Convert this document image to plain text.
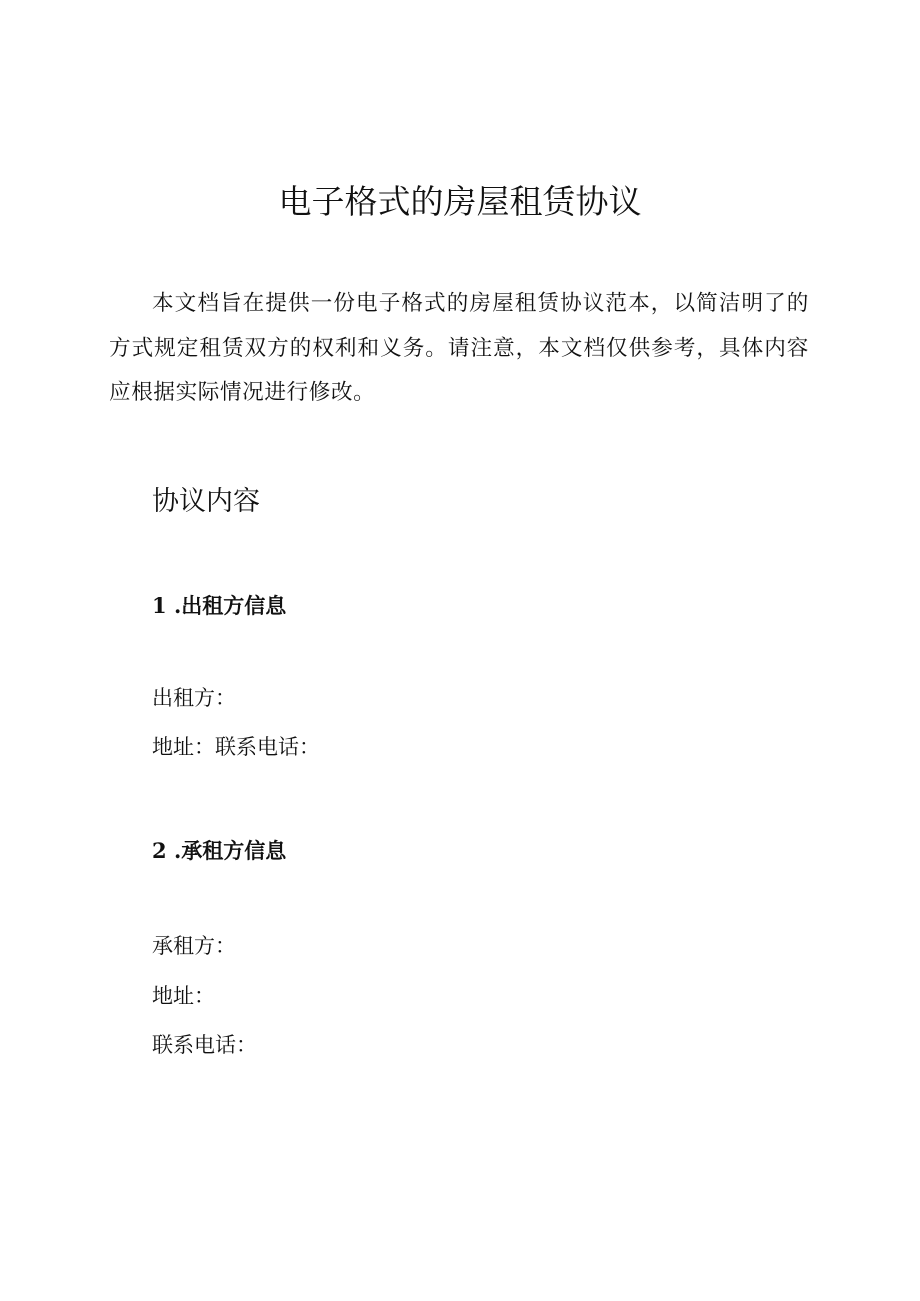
电子格式的房屋租赁协议

本文档旨在提供一份电子格式的房屋租赁协议范本，以简洁明了的方式规定租赁双方的权利和义务。请注意，本文档仅供参考，具体内容应根据实际情况进行修改。

协议内容
1 .出租方信息
出租方：
地址：联系电话：
2 .承租方信息
承租方：
地址：
联系电话：
